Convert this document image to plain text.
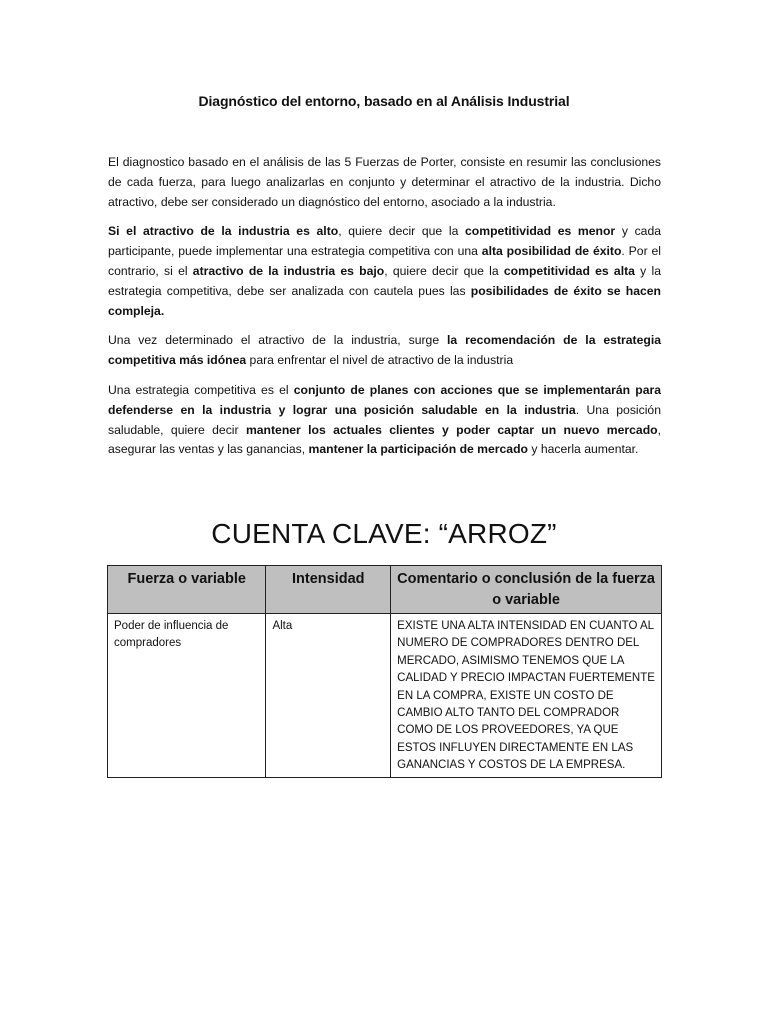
Diagnóstico del entorno, basado en al Análisis Industrial

El diagnostico basado en el análisis de las 5 Fuerzas de Porter, consiste en resumir las conclusiones de cada fuerza, para luego analizarlas en conjunto y determinar el atractivo de la industria. Dicho atractivo, debe ser considerado un diagnóstico del entorno, asociado a la industria.

Si el atractivo de la industria es alto, quiere decir que la competitividad es menor y cada participante, puede implementar una estrategia competitiva con una alta posibilidad de éxito. Por el contrario, si el atractivo de la industria es bajo, quiere decir que la competitividad es alta y la estrategia competitiva, debe ser analizada con cautela pues las posibilidades de éxito se hacen compleja.

Una vez determinado el atractivo de la industria, surge la recomendación de la estrategia competitiva más idónea para enfrentar el nivel de atractivo de la industria

Una estrategia competitiva es el conjunto de planes con acciones que se implementarán para defenderse en la industria y lograr una posición saludable en la industria. Una posición saludable, quiere decir mantener los actuales clientes y poder captar un nuevo mercado, asegurar las ventas y las ganancias, mantener la participación de mercado y hacerla aumentar.

CUENTA CLAVE: “ARROZ”
Fuerza o variable	Intensidad	Comentario o conclusión de la fuerza o variable
Poder de influencia de compradores	Alta	EXISTE UNA ALTA INTENSIDAD EN CUANTO AL NUMERO DE COMPRADORES DENTRO DEL MERCADO, ASIMISMO TENEMOS QUE LA CALIDAD Y PRECIO IMPACTAN FUERTEMENTE EN LA COMPRA, EXISTE UN COSTO DE CAMBIO ALTO TANTO DEL COMPRADOR COMO DE LOS PROVEEDORES, YA QUE ESTOS INFLUYEN DIRECTAMENTE EN LAS GANANCIAS Y COSTOS DE LA EMPRESA.
